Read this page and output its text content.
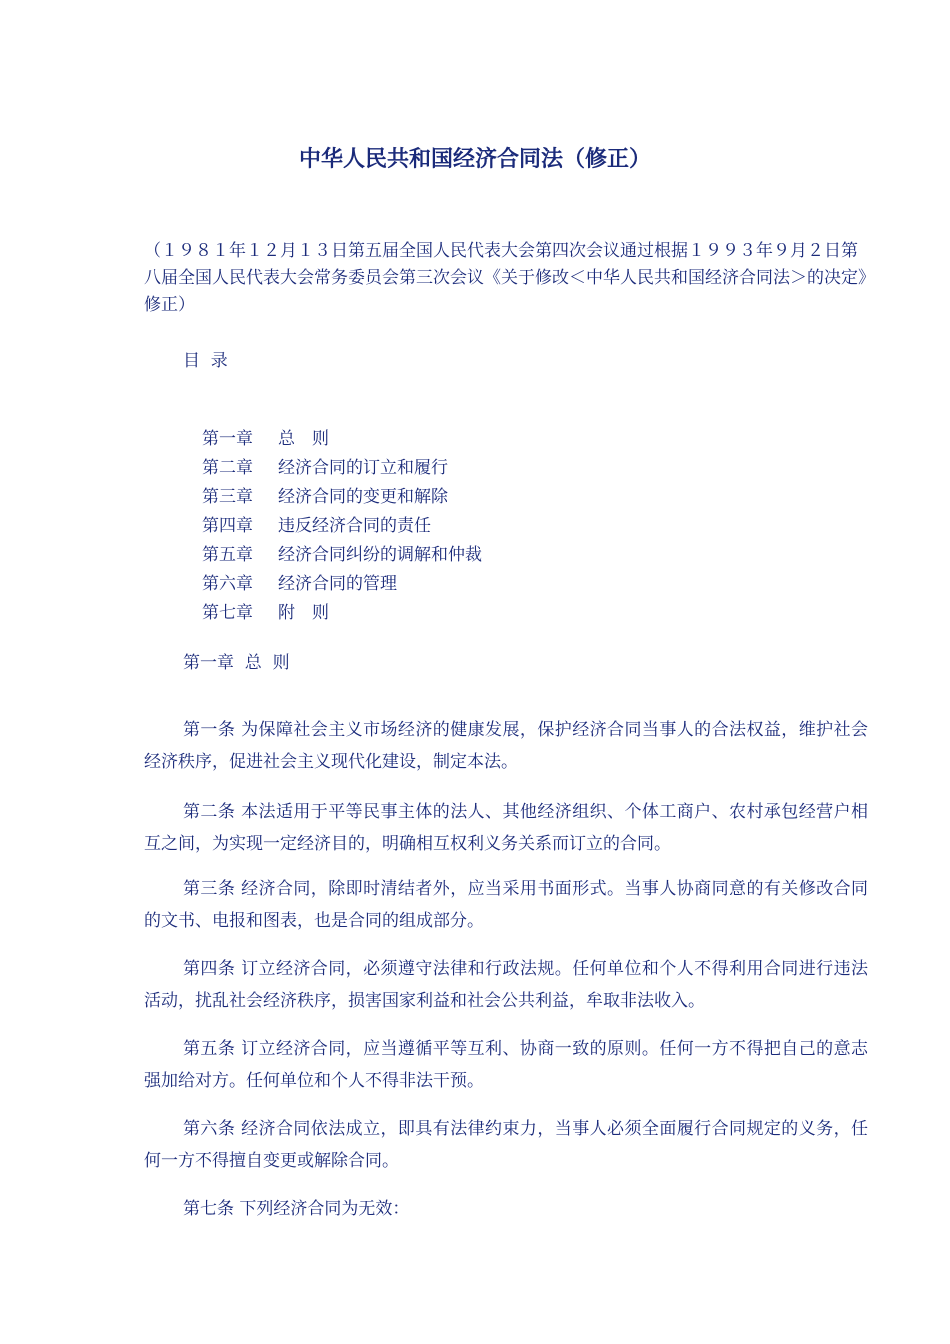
中华人民共和国经济合同法（修正）
（１９８１年１２月１３日第五届全国人民代表大会第四次会议通过根据１９９３年９月２日第八届全国人民代表大会常务委员会第三次会议《关于修改＜中华人民共和国经济合同法＞的决定》修正）
目  录
第一章 总　则
第二章 经济合同的订立和履行
第三章 经济合同的变更和解除
第四章 违反经济合同的责任
第五章 经济合同纠纷的调解和仲裁
第六章 经济合同的管理
第七章 附　则
第一章  总  则

第一条 为保障社会主义市场经济的健康发展，保护经济合同当事人的合法权益，维护社会经济秩序，促进社会主义现代化建设，制定本法。

第二条 本法适用于平等民事主体的法人、其他经济组织、个体工商户、农村承包经营户相互之间，为实现一定经济目的，明确相互权利义务关系而订立的合同。

第三条 经济合同，除即时清结者外，应当采用书面形式。当事人协商同意的有关修改合同的文书、电报和图表，也是合同的组成部分。

第四条 订立经济合同，必须遵守法律和行政法规。任何单位和个人不得利用合同进行违法活动，扰乱社会经济秩序，损害国家利益和社会公共利益，牟取非法收入。

第五条 订立经济合同，应当遵循平等互利、协商一致的原则。任何一方不得把自己的意志强加给对方。任何单位和个人不得非法干预。

第六条 经济合同依法成立，即具有法律约束力，当事人必须全面履行合同规定的义务，任何一方不得擅自变更或解除合同。

第七条 下列经济合同为无效：
